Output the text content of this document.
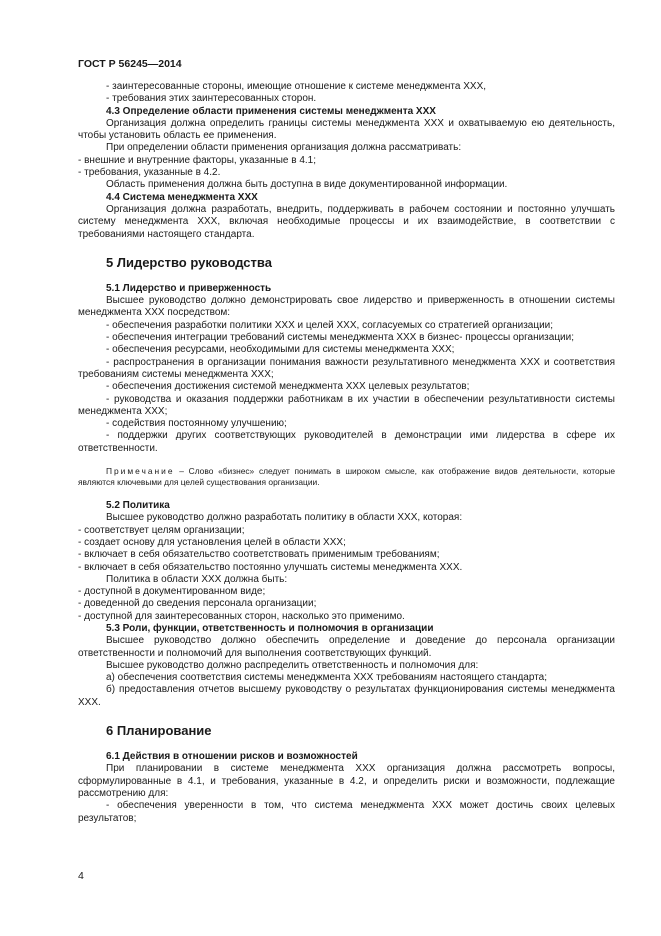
ГОСТ Р 56245—2014

- заинтересованные стороны, имеющие отношение к системе менеджмента XXX,

- требования этих заинтересованных сторон.

4.3 Определение области применения системы менеджмента XXX

Организация должна определить границы системы менеджмента XXX и охватываемую ею деятельность, чтобы установить область ее применения.

При определении области применения организация должна рассматривать:

- внешние и внутренние факторы, указанные в 4.1;

- требования, указанные в 4.2.

Область применения должна быть доступна в виде документированной информации.

4.4 Система менеджмента XXX

Организация должна разработать, внедрить, поддерживать в рабочем состоянии и постоянно улучшать систему менеджмента XXX, включая необходимые процессы и их взаимодействие, в соответствии с требованиями настоящего стандарта.

5 Лидерство руководства
5.1 Лидерство и приверженность

Высшее руководство должно демонстрировать свое лидерство и приверженность в отношении системы менеджмента XXX посредством:

- обеспечения разработки политики XXX и целей XXX, согласуемых со стратегией организации;

- обеспечения интеграции требований системы менеджмента XXX в бизнес- процессы организации;

- обеспечения ресурсами, необходимыми для системы менеджмента XXX;

- распространения в организации понимания важности результативного менеджмента XXX и соответствия требованиям системы менеджмента XXX;

- обеспечения достижения системой менеджмента XXX целевых результатов;

- руководства и оказания поддержки работникам в их участии в обеспечении результативности системы менеджмента XXX;

- содействия постоянному улучшению;

- поддержки других соответствующих руководителей в демонстрации ими лидерства в сфере их ответственности.

Примечание – Слово «бизнес» следует понимать в широком смысле, как отображение видов деятельности, которые являются ключевыми для целей существования организации.
5.2 Политика

Высшее руководство должно разработать политику в области XXX, которая:

- соответствует целям организации;

- создает основу для установления целей в области XXX;

- включает в себя обязательство соответствовать применимым требованиям;

- включает в себя обязательство постоянно улучшать системы менеджмента XXX.

Политика в области XXX должна быть:

- доступной в документированном виде;

- доведенной до сведения персонала организации;

- доступной для заинтересованных сторон, насколько это применимо.

5.3 Роли, функции, ответственность и полномочия в организации

Высшее руководство должно обеспечить определение и доведение до персонала организации ответственности и полномочий для выполнения соответствующих функций.

Высшее руководство должно распределить ответственность и полномочия для:

а) обеспечения соответствия системы менеджмента XXX требованиям настоящего стандарта;

б) предоставления отчетов высшему руководству о результатах функционирования системы менеджмента XXX.

6 Планирование
6.1 Действия в отношении рисков и возможностей

При планировании в системе менеджмента XXX организация должна рассмотреть вопросы, сформулированные в 4.1, и требования, указанные в 4.2, и определить риски и возможности, подлежащие рассмотрению для:

- обеспечения уверенности в том, что система менеджмента XXX может достичь своих целевых результатов;

4
